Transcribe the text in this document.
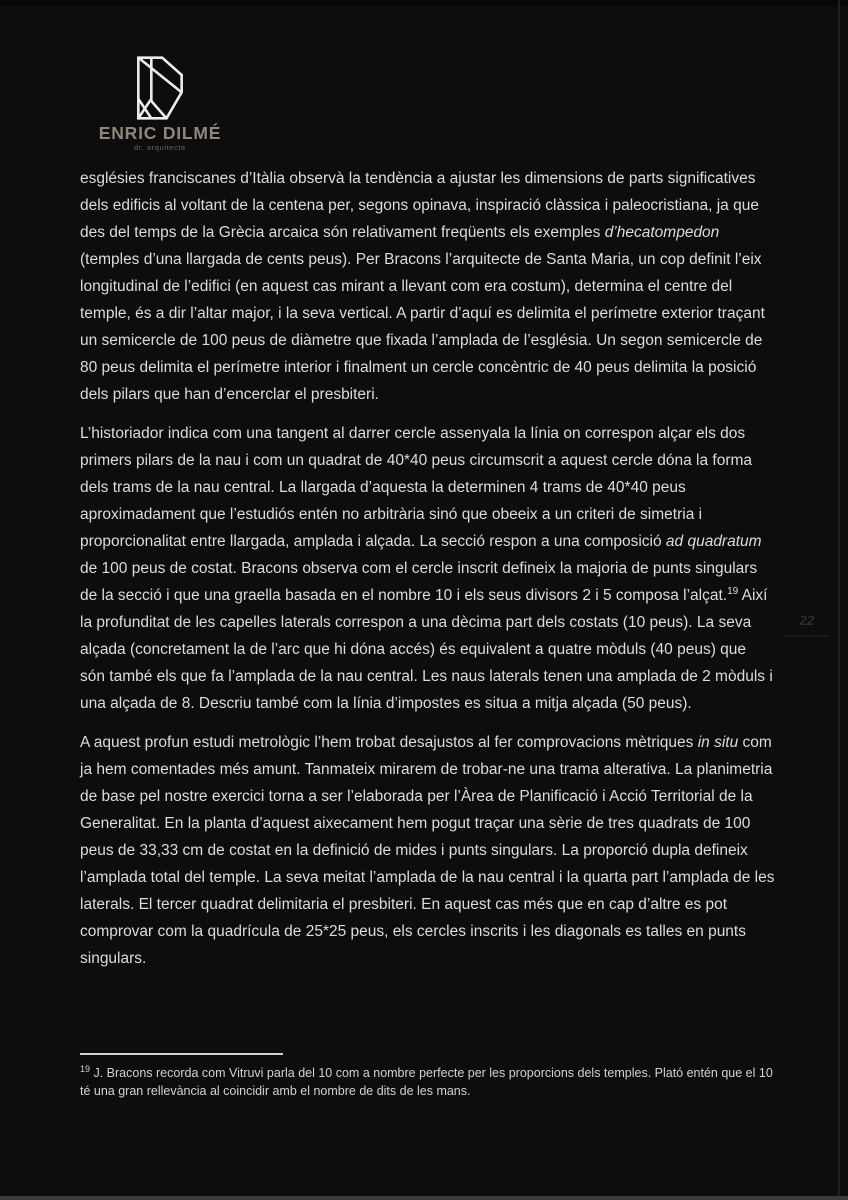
ENRIC DILMÉ
dr. arquitecte

esglésies franciscanes d’Itàlia observà la tendència a ajustar les dimensions de parts significatives dels edificis al voltant de la centena per, segons opinava, inspiració clàssica i paleocristiana, ja que des del temps de la Grècia arcaica són relativament freqüents els exemples d’hecatompedon (temples d’una llargada de cents peus). Per Bracons l’arquitecte de Santa Maria, un cop definit l’eix longitudinal de l’edifici (en aquest cas mirant a llevant com era costum), determina el centre del temple, és a dir l’altar major, i la seva vertical. A partir d’aquí es delimita el perímetre exterior traçant un semicercle de 100 peus de diàmetre que fixada l’amplada de l’església. Un segon semicercle de 80 peus delimita el perímetre interior i finalment un cercle concèntric de 40 peus delimita la posició dels pilars que han d’encerclar el presbiteri.

L’historiador indica com una tangent al darrer cercle assenyala la línia on correspon alçar els dos primers pilars de la nau i com un quadrat de 40*40 peus circumscrit a aquest cercle dóna la forma dels trams de la nau central. La llargada d’aquesta la determinen 4 trams de 40*40 peus aproximadament que l’estudiós entén no arbitrària sinó que obeeix a un criteri de simetria i proporcionalitat entre llargada, amplada i alçada. La secció respon a una composició ad quadratum de 100 peus de costat. Bracons observa com el cercle inscrit defineix la majoria de punts singulars de la secció i que una graella basada en el nombre 10 i els seus divisors 2 i 5 composa l’alçat.$^{19}$ Així la profunditat de les capelles laterals correspon a una dècima part dels costats (10 peus). La seva alçada (concretament la de l’arc que hi dóna accés) és equivalent a quatre mòduls (40 peus) que són també els que fa l’amplada de la nau central. Les naus laterals tenen una amplada de 2 mòduls i una alçada de 8. Descriu també com la línia d’impostes es situa a mitja alçada (50 peus).

A aquest profun estudi metrològic l’hem trobat desajustos al fer comprovacions mètriques in situ com ja hem comentades més amunt. Tanmateix mirarem de trobar-ne una trama alterativa. La planimetria de base pel nostre exercici torna a ser l’elaborada per l’Àrea de Planificació i Acció Territorial de la Generalitat. En la planta d’aquest aixecament hem pogut traçar una sèrie de tres quadrats de 100 peus de 33,33 cm de costat en la definició de mides i punts singulars. La proporció dupla defineix l’amplada total del temple. La seva meitat l’amplada de la nau central i la quarta part l’amplada de les laterals. El tercer quadrat delimitaria el presbiteri. En aquest cas més que en cap d’altre es pot comprovar com la quadrícula de 25*25 peus, els cercles inscrits i les diagonals es talles en punts singulars.

$^{19}$ J. Bracons recorda com Vitruvi parla del 10 com a nombre perfecte per les proporcions dels temples. Plató entén que el 10 té una gran rellevància al coincidir amb el nombre de dits de les mans.
22
